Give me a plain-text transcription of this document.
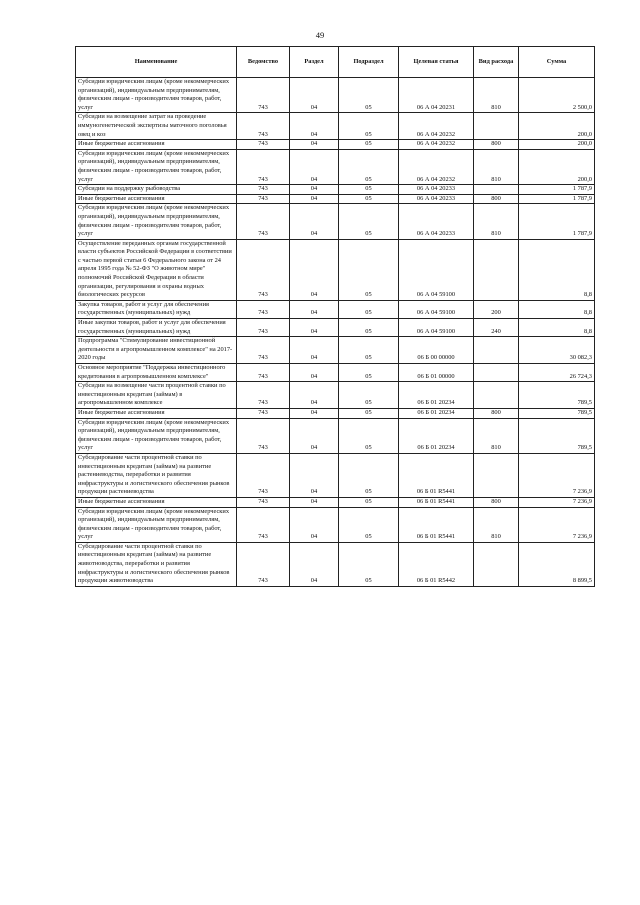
49
Наименование	Ведомство	Раздел	Подраздел	Целевая статья	Вид расхода	Сумма
Субсидии юридическим лицам (кроме некоммерческих организаций), индивидуальным предпринимателям, физическим лицам - производителям товаров, работ, услуг	743	04	05	06 А 04 20231	810	2 500,0
Субсидии на возмещение затрат на проведение иммуногенетической экспертизы маточного поголовья овец и коз	743	04	05	06 А 04 20232		200,0
Иные бюджетные ассигнования	743	04	05	06 А 04 20232	800	200,0
Субсидии юридическим лицам (кроме некоммерческих организаций), индивидуальным предпринимателям, физическим лицам - производителям товаров, работ, услуг	743	04	05	06 А 04 20232	810	200,0
Субсидии на поддержку рыбоводства	743	04	05	06 А 04 20233		1 787,9
Иные бюджетные ассигнования	743	04	05	06 А 04 20233	800	1 787,9
Субсидии юридическим лицам (кроме некоммерческих организаций), индивидуальным предпринимателям, физическим лицам - производителям товаров, работ, услуг	743	04	05	06 А 04 20233	810	1 787,9
Осуществление переданных органам государственной власти субъектов Российской Федерации в соответствии с частью первой статьи 6 Федерального закона от 24 апреля 1995 года № 52-ФЗ "О животном мире" полномочий Российской Федерации в области организации, регулирования и охраны водных биологических ресурсов	743	04	05	06 А 04 59100		8,8
Закупка товаров, работ и услуг для обеспечения государственных (муниципальных) нужд	743	04	05	06 А 04 59100	200	8,8
Иные закупки товаров, работ и услуг для обеспечения государственных (муниципальных) нужд	743	04	05	06 А 04 59100	240	8,8
Подпрограмма "Стимулирование инвестиционной деятельности в агропромышленном комплексе" на 2017-2020 годы	743	04	05	06 Б 00 00000		30 082,3
Основное мероприятие "Поддержка инвестиционного кредитования в агропромышленном комплексе"	743	04	05	06 Б 01 00000		26 724,3
Субсидии на возмещение части процентной ставки по инвестиционным кредитам (займам) в агропромышленном комплексе	743	04	05	06 Б 01 20234		789,5
Иные бюджетные ассигнования	743	04	05	06 Б 01 20234	800	789,5
Субсидии юридическим лицам (кроме некоммерческих организаций), индивидуальным предпринимателям, физическим лицам - производителям товаров, работ, услуг	743	04	05	06 Б 01 20234	810	789,5
Субсидирование части процентной ставки по инвестиционным кредитам (займам) на развитие растениеводства, переработки и развития инфраструктуры и логистического обеспечения рынков продукции растениеводства	743	04	05	06 Б 01 R5441		7 236,9
Иные бюджетные ассигнования	743	04	05	06 Б 01 R5441	800	7 236,9
Субсидии юридическим лицам (кроме некоммерческих организаций), индивидуальным предпринимателям, физическим лицам - производителям товаров, работ, услуг	743	04	05	06 Б 01 R5441	810	7 236,9
Субсидирование части процентной ставки по инвестиционным кредитам (займам) на развитие животноводства, переработки и развития инфраструктуры и логистического обеспечения рынков продукции животноводства	743	04	05	06 Б 01 R5442		8 899,5
